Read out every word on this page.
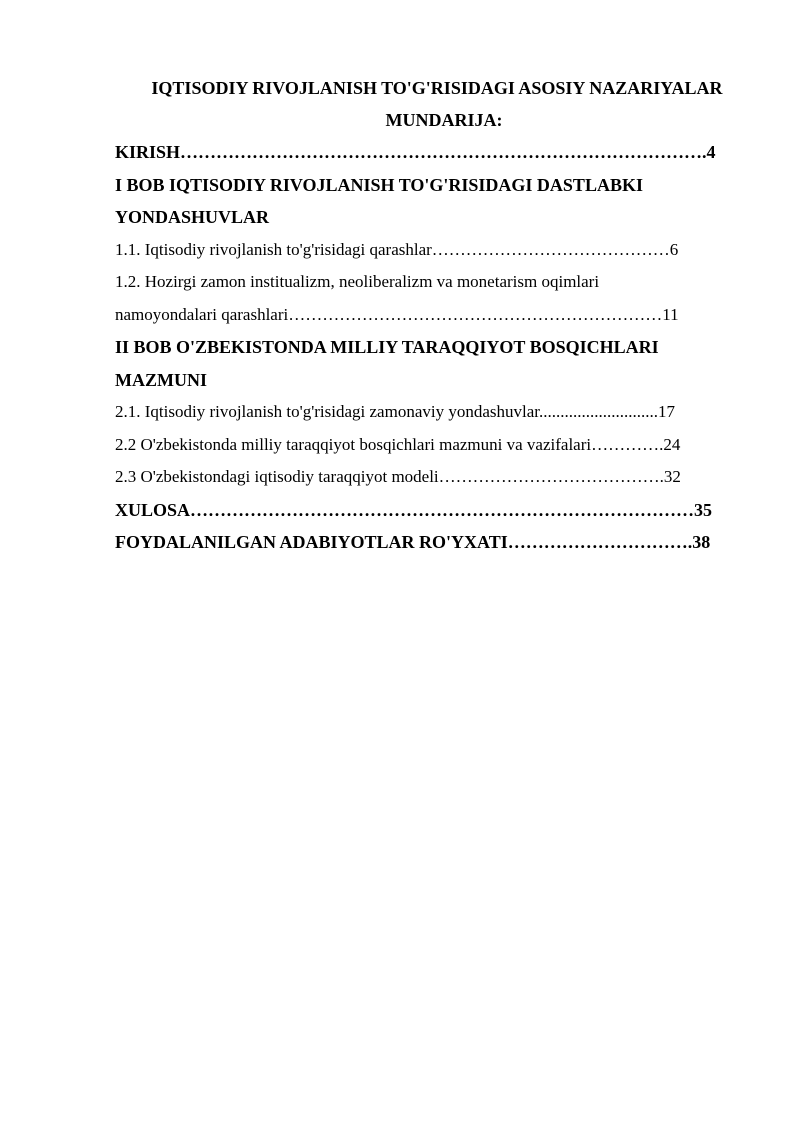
IQTISODIY RIVOJLANISH TO'G'RISIDAGI ASOSIY NAZARIYALAR

MUNDARIJA:

KIRISH…………………………………………………………………………….4
I BOB IQTISODIY RIVOJLANISH TO'G'RISIDAGI DASTLABKI
YONDASHUVLAR
1.1. Iqtisodiy rivojlanish to'g'risidagi qarashlar……………………………………6
1.2. Hozirgi zamon institualizm, neoliberalizm va monetarism oqimlari
namoyondalari qarashlari…………………………………………………………11
II BOB O'ZBEKISTONDA MILLIY TARAQQIYOT BOSQICHLARI
MAZMUNI
2.1. Iqtisodiy rivojlanish to'g'risidagi zamonaviy yondashuvlar............................17
2.2 O'zbekistonda milliy taraqqiyot bosqichlari mazmuni va vazifalari………….24
2.3 O'zbekistondagi iqtisodiy taraqqiyot modeli………………………………….32
XULOSA…………………………………………………………………………35
FOYDALANILGAN ADABIYOTLAR RO'YXATI………………………….38
